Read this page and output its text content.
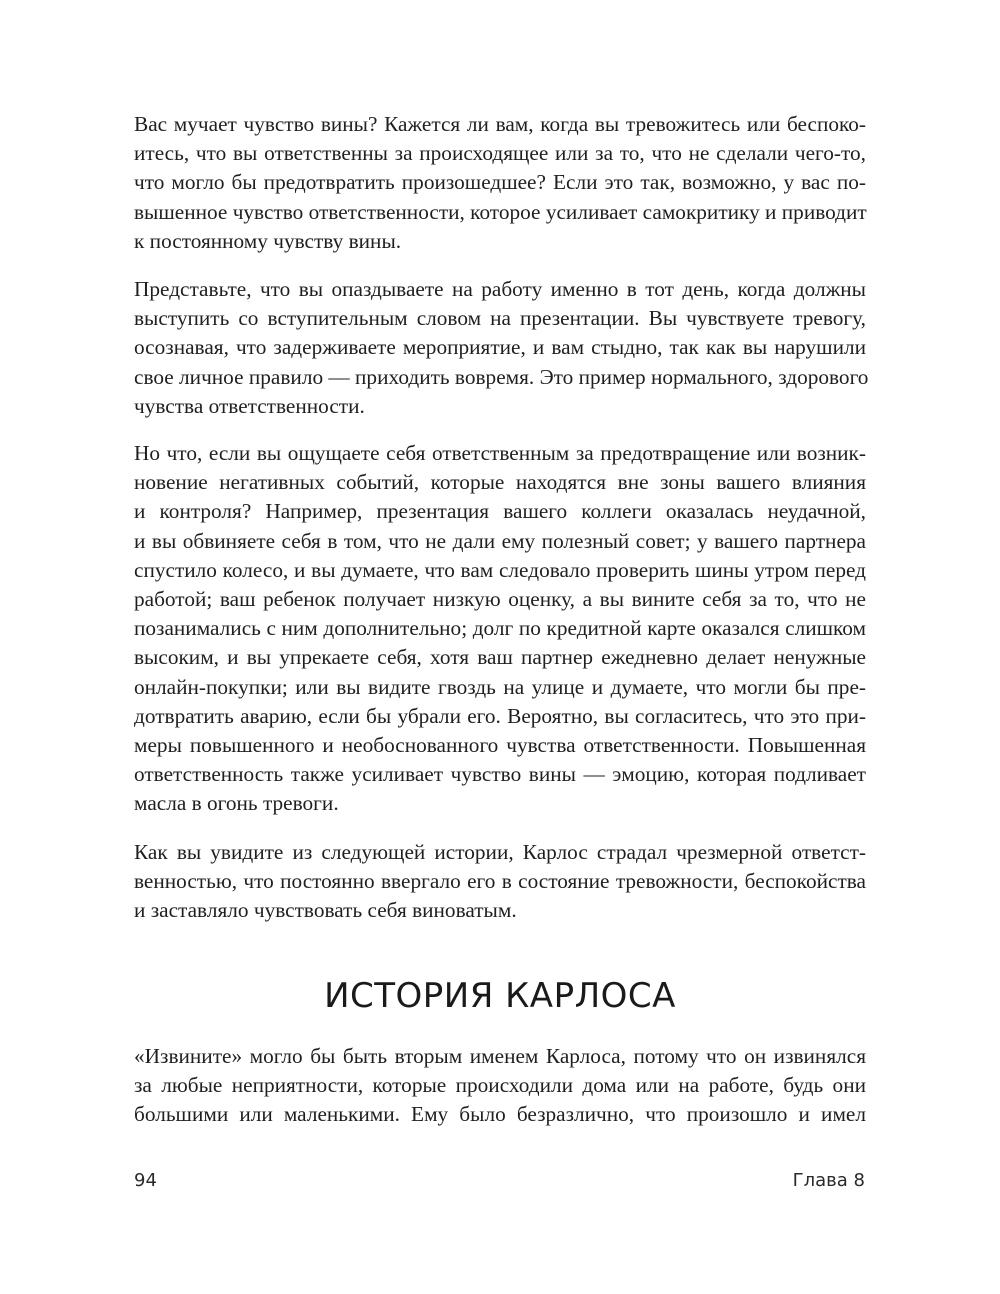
Вас мучает чувство вины? Кажется ли вам, когда вы тревожитесь или беспоко-
итесь, что вы ответственны за происходящее или за то, что не сделали чего-то,
что могло бы предотвратить произошедшее? Если это так, возможно, у вас по-
вышенное чувство ответственности, которое усиливает самокритику и приводит
к постоянному чувству вины.

Представьте, что вы опаздываете на работу именно в тот день, когда должны
выступить со вступительным словом на презентации. Вы чувствуете тревогу,
осознавая, что задерживаете мероприятие, и вам стыдно, так как вы нарушили
свое личное правило — приходить вовремя. Это пример нормального, здорового
чувства ответственности.

Но что, если вы ощущаете себя ответственным за предотвращение или возник-
новение негативных событий, которые находятся вне зоны вашего влияния
и контроля? Например, презентация вашего коллеги оказалась неудачной,
и вы обвиняете себя в том, что не дали ему полезный совет; у вашего партнера
спустило колесо, и вы думаете, что вам следовало проверить шины утром перед
работой; ваш ребенок получает низкую оценку, а вы вините себя за то, что не
позанимались с ним дополнительно; долг по кредитной карте оказался слишком
высоким, и вы упрекаете себя, хотя ваш партнер ежедневно делает ненужные
онлайн-покупки; или вы видите гвоздь на улице и думаете, что могли бы пре-
дотвратить аварию, если бы убрали его. Вероятно, вы согласитесь, что это при-
меры повышенного и необоснованного чувства ответственности. Повышенная
ответственность также усиливает чувство вины — эмоцию, которая подливает
масла в огонь тревоги.

Как вы увидите из следующей истории, Карлос страдал чрезмерной ответст-
венностью, что постоянно ввергало его в состояние тревожности, беспокойства
и заставляло чувствовать себя виноватым.

ИСТОРИЯ КАРЛОСА

«Извините» могло бы быть вторым именем Карлоса, потому что он извинялся
за любые неприятности, которые происходили дома или на работе, будь они
большими или маленькими. Ему было безразлично, что произошло и имел

94	Глава 8
